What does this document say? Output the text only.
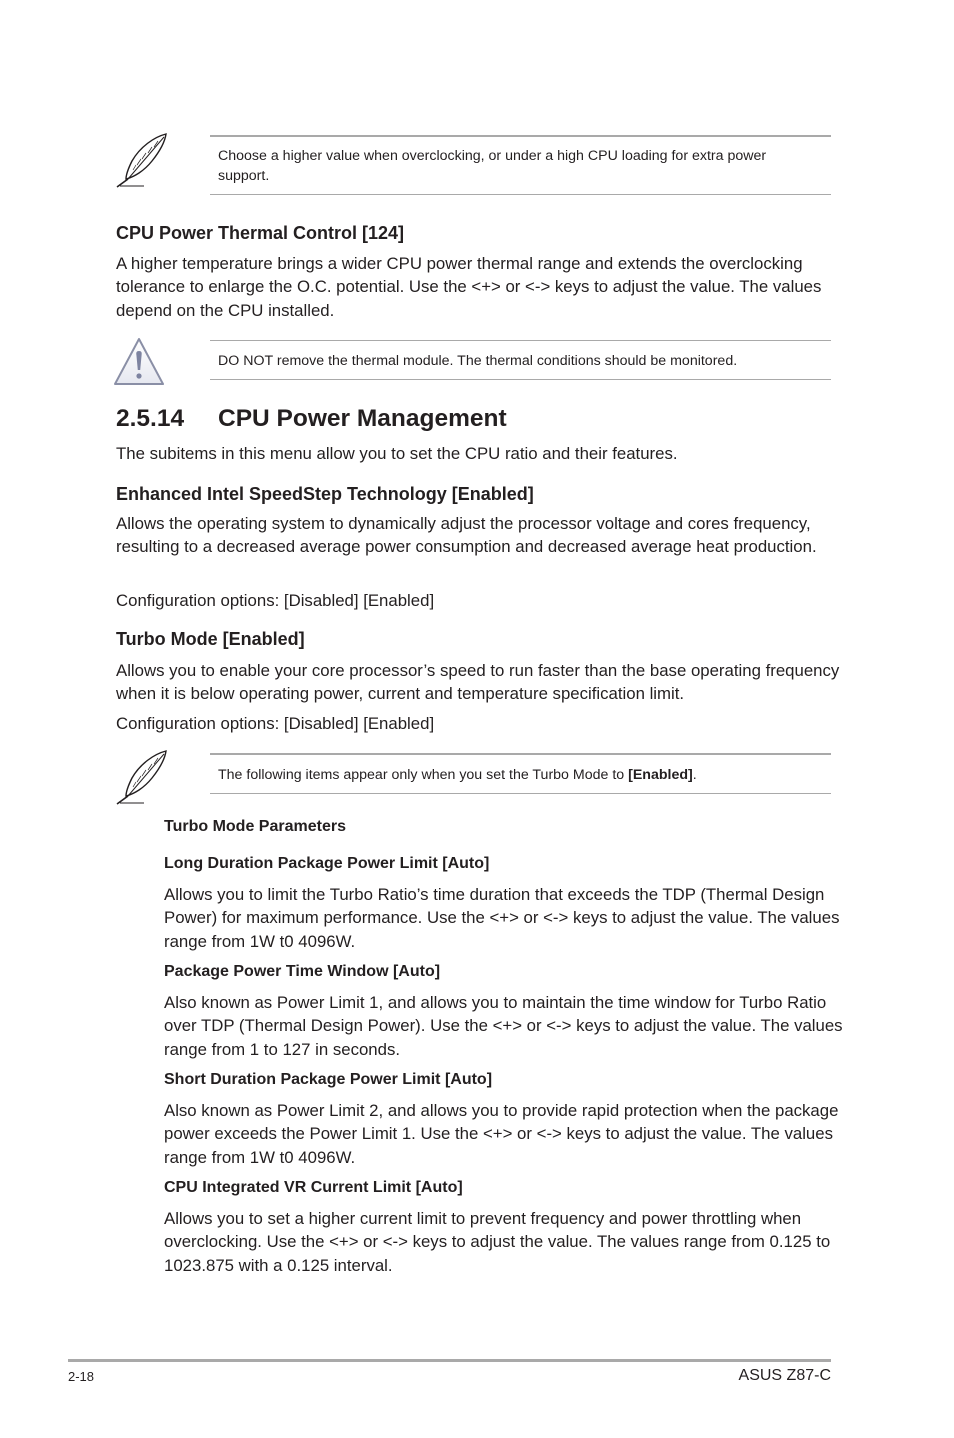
Choose a higher value when overclocking, or under a high CPU loading for extra power support.
CPU Power Thermal Control [124]
A higher temperature brings a wider CPU power thermal range and extends the overclocking tolerance to enlarge the O.C. potential. Use the <+> or <-> keys to adjust the value. The values depend on the CPU installed.
DO NOT remove the thermal module. The thermal conditions should be monitored.
2.5.14 CPU Power Management
The subitems in this menu allow you to set the CPU ratio and their features.
Enhanced Intel SpeedStep Technology [Enabled]
Allows the operating system to dynamically adjust the processor voltage and cores frequency, resulting to a decreased average power consumption and decreased average heat production.
Configuration options: [Disabled] [Enabled]
Turbo Mode [Enabled]
Allows you to enable your core processor’s speed to run faster than the base operating frequency when it is below operating power, current and temperature specification limit.
Configuration options: [Disabled] [Enabled]
The following items appear only when you set the Turbo Mode to [Enabled].
Turbo Mode Parameters
Long Duration Package Power Limit [Auto]
Allows you to limit the Turbo Ratio’s time duration that exceeds the TDP (Thermal Design Power) for maximum performance. Use the <+> or <-> keys to adjust the value. The values range from 1W t0 4096W.
Package Power Time Window [Auto]
Also known as Power Limit 1, and allows you to maintain the time window for Turbo Ratio over TDP (Thermal Design Power). Use the <+> or <-> keys to adjust the value. The values range from 1 to 127 in seconds.
Short Duration Package Power Limit [Auto]
Also known as Power Limit 2, and allows you to provide rapid protection when the package power exceeds the Power Limit 1. Use the <+> or <-> keys to adjust the value. The values range from 1W t0 4096W.
CPU Integrated VR Current Limit [Auto]
Allows you to set a higher current limit to prevent frequency and power throttling when overclocking. Use the <+> or <-> keys to adjust the value. The values range from 0.125 to 1023.875 with a 0.125 interval.
2-18	ASUS Z87-C
